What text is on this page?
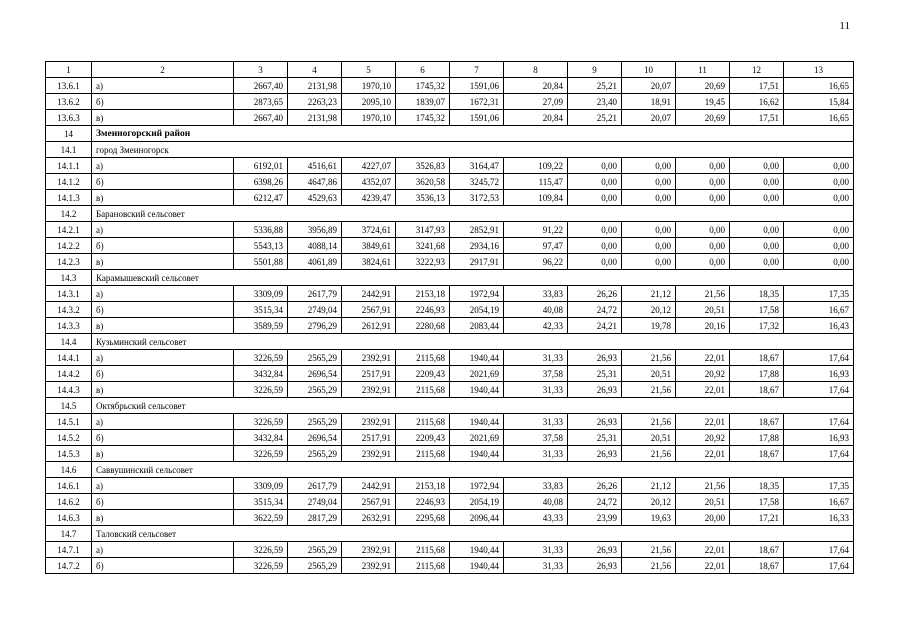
11
1	2	3	4	5	6	7	8	9	10	11	12	13
13.6.1	а)	2667,40	2131,98	1970,10	1745,32	1591,06	20,84	25,21	20,07	20,69	17,51	16,65
13.6.2	б)	2873,65	2263,23	2095,10	1839,07	1672,31	27,09	23,40	18,91	19,45	16,62	15,84
13.6.3	в)	2667,40	2131,98	1970,10	1745,32	1591,06	20,84	25,21	20,07	20,69	17,51	16,65
14	Змеиногорский район											
14.1	город Змеиногорск											
14.1.1	а)	6192,01	4516,61	4227,07	3526,83	3164,47	109,22	0,00	0,00	0,00	0,00	0,00
14.1.2	б)	6398,26	4647,86	4352,07	3620,58	3245,72	115,47	0,00	0,00	0,00	0,00	0,00
14.1.3	в)	6212,47	4529,63	4239,47	3536,13	3172,53	109,84	0,00	0,00	0,00	0,00	0,00
14.2	Барановский сельсовет											
14.2.1	а)	5336,88	3956,89	3724,61	3147,93	2852,91	91,22	0,00	0,00	0,00	0,00	0,00
14.2.2	б)	5543,13	4088,14	3849,61	3241,68	2934,16	97,47	0,00	0,00	0,00	0,00	0,00
14.2.3	в)	5501,88	4061,89	3824,61	3222,93	2917,91	96,22	0,00	0,00	0,00	0,00	0,00
14.3	Карамышевский сельсовет											
14.3.1	а)	3309,09	2617,79	2442,91	2153,18	1972,94	33,83	26,26	21,12	21,56	18,35	17,35
14.3.2	б)	3515,34	2749,04	2567,91	2246,93	2054,19	40,08	24,72	20,12	20,51	17,58	16,67
14.3.3	в)	3589,59	2796,29	2612,91	2280,68	2083,44	42,33	24,21	19,78	20,16	17,32	16,43
14.4	Кузьминский сельсовет											
14.4.1	а)	3226,59	2565,29	2392,91	2115,68	1940,44	31,33	26,93	21,56	22,01	18,67	17,64
14.4.2	б)	3432,84	2696,54	2517,91	2209,43	2021,69	37,58	25,31	20,51	20,92	17,88	16,93
14.4.3	в)	3226,59	2565,29	2392,91	2115,68	1940,44	31,33	26,93	21,56	22,01	18,67	17,64
14.5	Октябрьский сельсовет											
14.5.1	а)	3226,59	2565,29	2392,91	2115,68	1940,44	31,33	26,93	21,56	22,01	18,67	17,64
14.5.2	б)	3432,84	2696,54	2517,91	2209,43	2021,69	37,58	25,31	20,51	20,92	17,88	16,93
14.5.3	в)	3226,59	2565,29	2392,91	2115,68	1940,44	31,33	26,93	21,56	22,01	18,67	17,64
14.6	Саввушинский сельсовет											
14.6.1	а)	3309,09	2617,79	2442,91	2153,18	1972,94	33,83	26,26	21,12	21,56	18,35	17,35
14.6.2	б)	3515,34	2749,04	2567,91	2246,93	2054,19	40,08	24,72	20,12	20,51	17,58	16,67
14.6.3	в)	3622,59	2817,29	2632,91	2295,68	2096,44	43,33	23,99	19,63	20,00	17,21	16,33
14.7	Таловский сельсовет											
14.7.1	а)	3226,59	2565,29	2392,91	2115,68	1940,44	31,33	26,93	21,56	22,01	18,67	17,64
14.7.2	б)	3226,59	2565,29	2392,91	2115,68	1940,44	31,33	26,93	21,56	22,01	18,67	17,64
